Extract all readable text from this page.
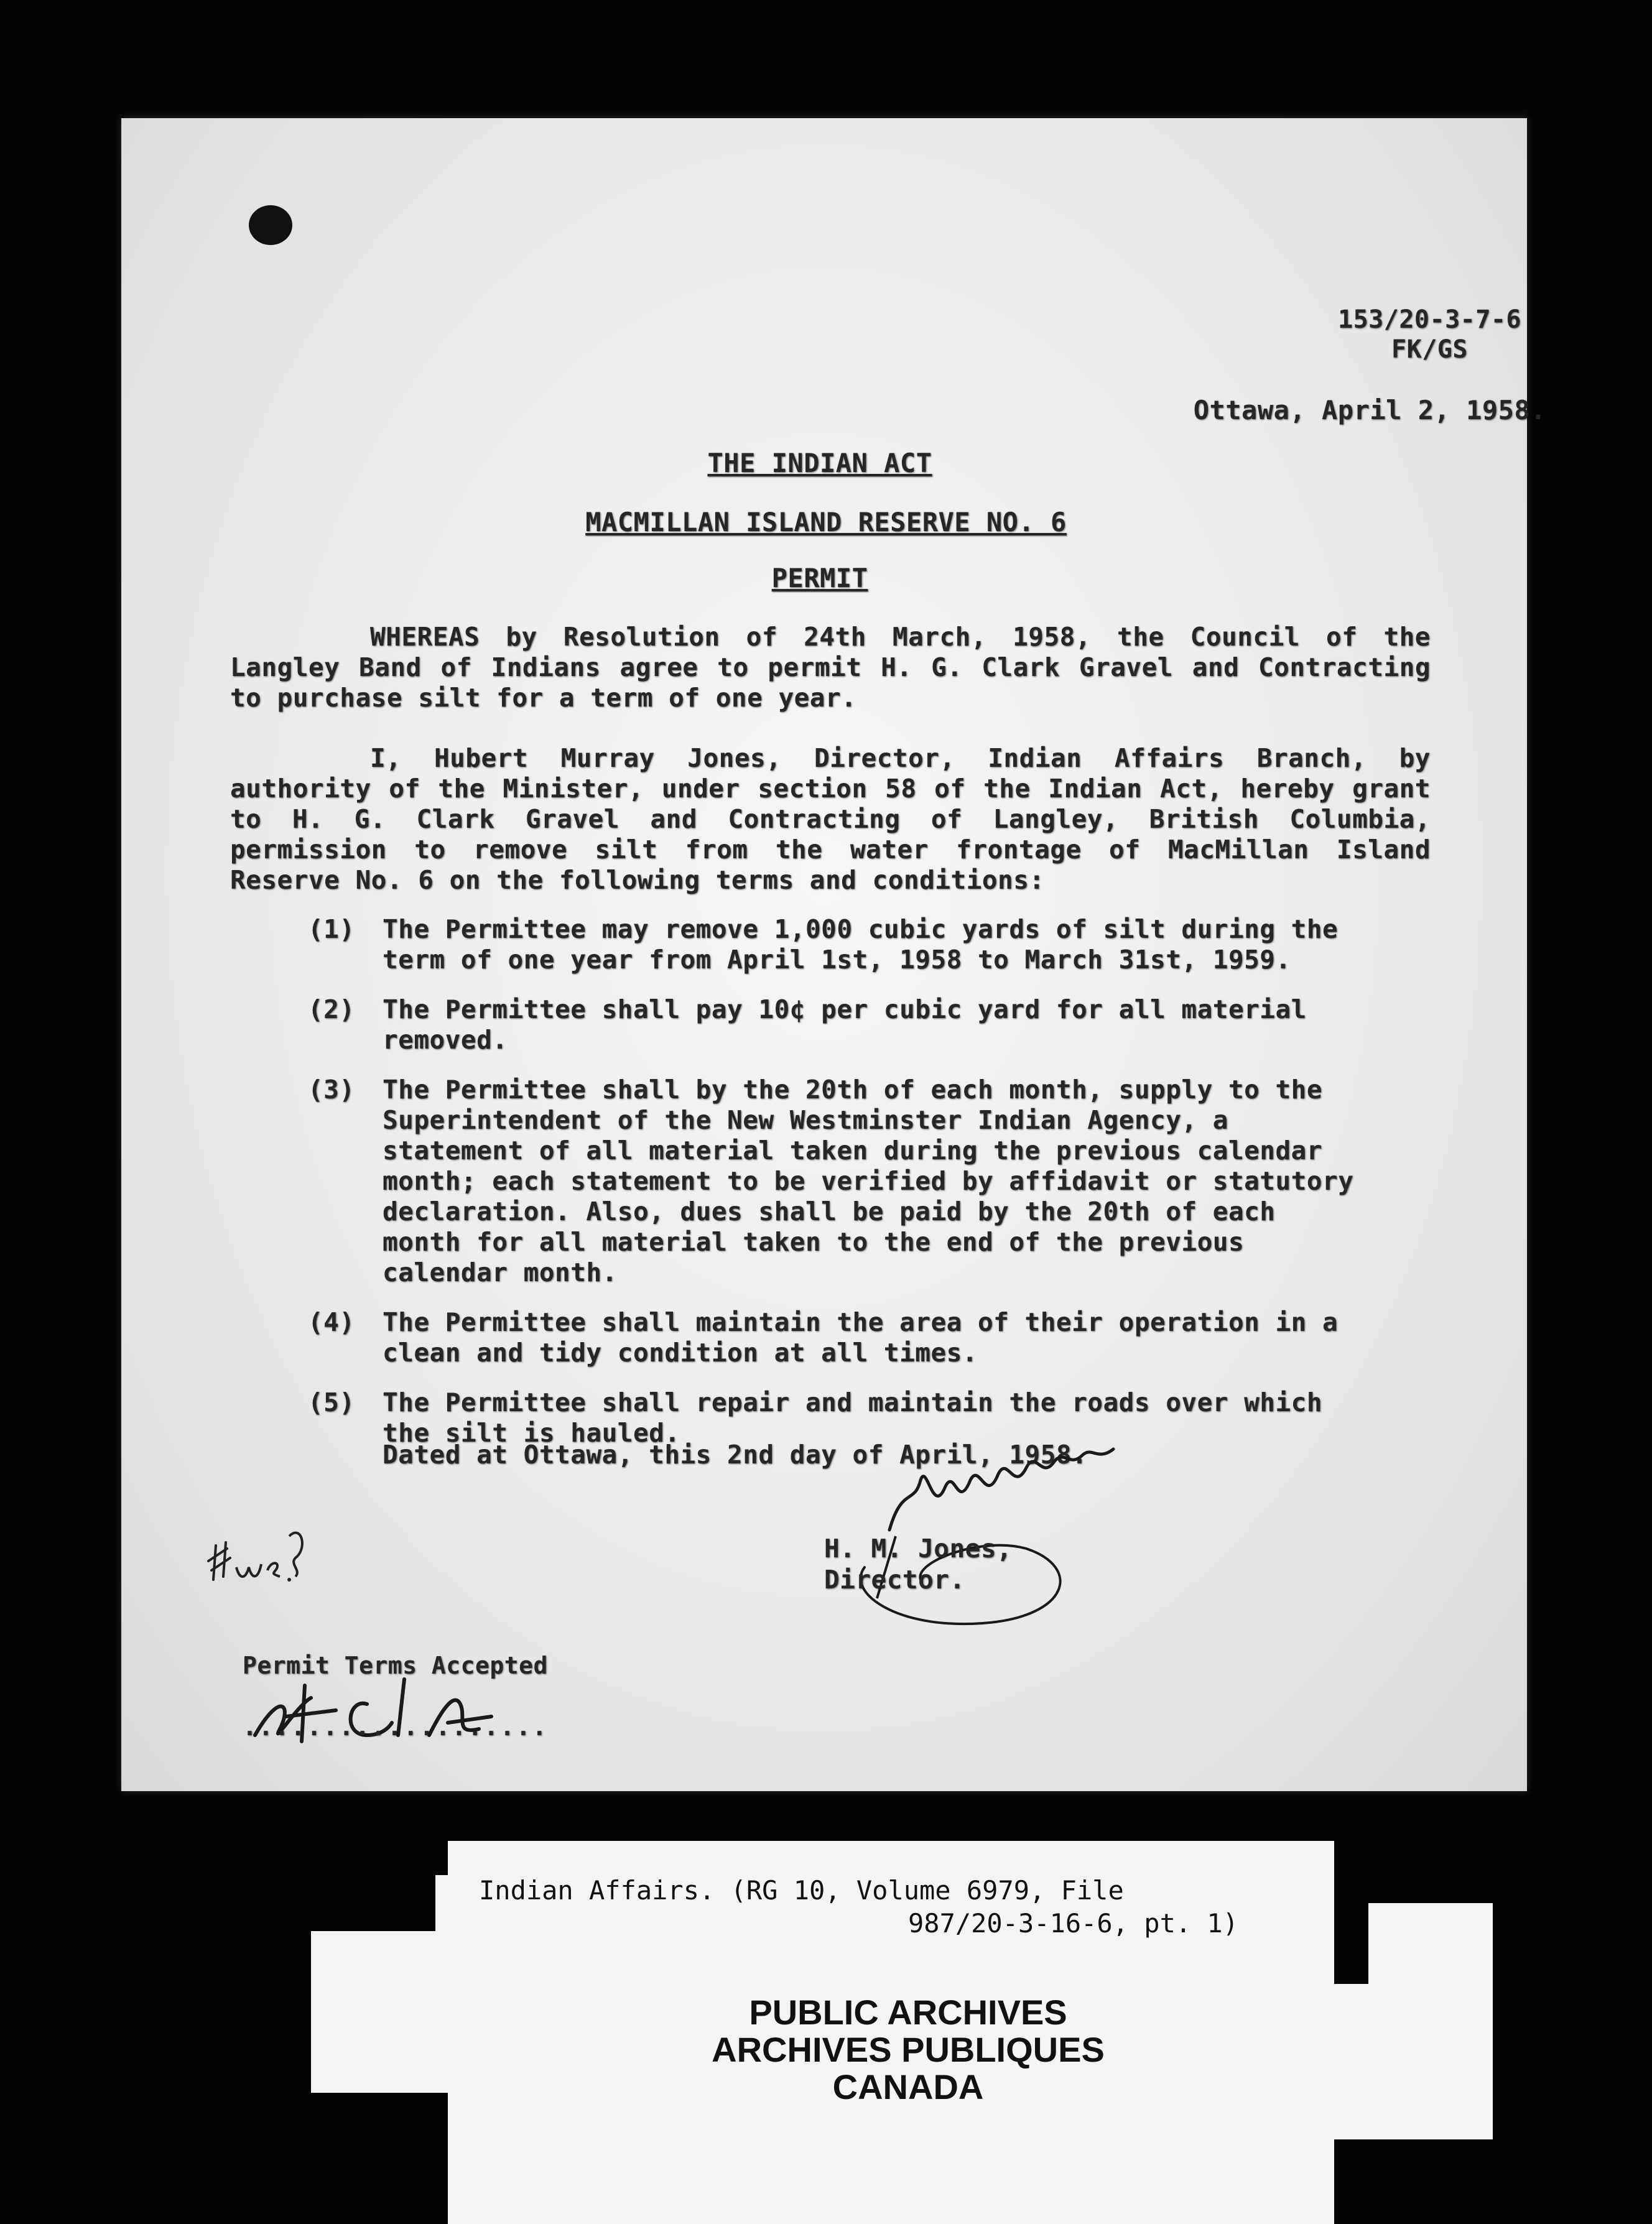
153/20-3-7-6
FK/GS
Ottawa, April 2, 1958.
THE INDIAN ACT
MACMILLAN ISLAND RESERVE NO. 6
PERMIT
WHEREAS by Resolution of 24th March, 1958, the Council of the Langley Band of Indians agree to permit H. G. Clark Gravel and Contracting to purchase silt for a term of one year.
I, Hubert Murray Jones, Director, Indian Affairs Branch, by authority of the Minister, under section 58 of the Indian Act, hereby grant to H. G. Clark Gravel and Contracting of Langley, British Columbia, permission to remove silt from the water frontage of MacMillan Island Reserve No. 6 on the following terms and conditions:
(1) The Permittee may remove 1,000 cubic yards of silt during the term of one year from April 1st, 1958 to March 31st, 1959.
(2) The Permittee shall pay 10¢ per cubic yard for all material removed.
(3) The Permittee shall by the 20th of each month, supply to the Superintendent of the New Westminster Indian Agency, a statement of all material taken during the previous calendar month; each statement to be verified by affidavit or statutory declaration. Also, dues shall be paid by the 20th of each month for all material taken to the end of the previous calendar month.
(4) The Permittee shall maintain the area of their operation in a clean and tidy condition at all times.
(5) The Permittee shall repair and maintain the roads over which the silt is hauled.
Dated at Ottawa, this 2nd day of April, 1958.
H. M. Jones,
Director.
Permit Terms Accepted
...................
Indian Affairs. (RG 10, Volume 6979, File
987/20-3-16-6, pt. 1)
PUBLIC ARCHIVES
ARCHIVES PUBLIQUES
CANADA
